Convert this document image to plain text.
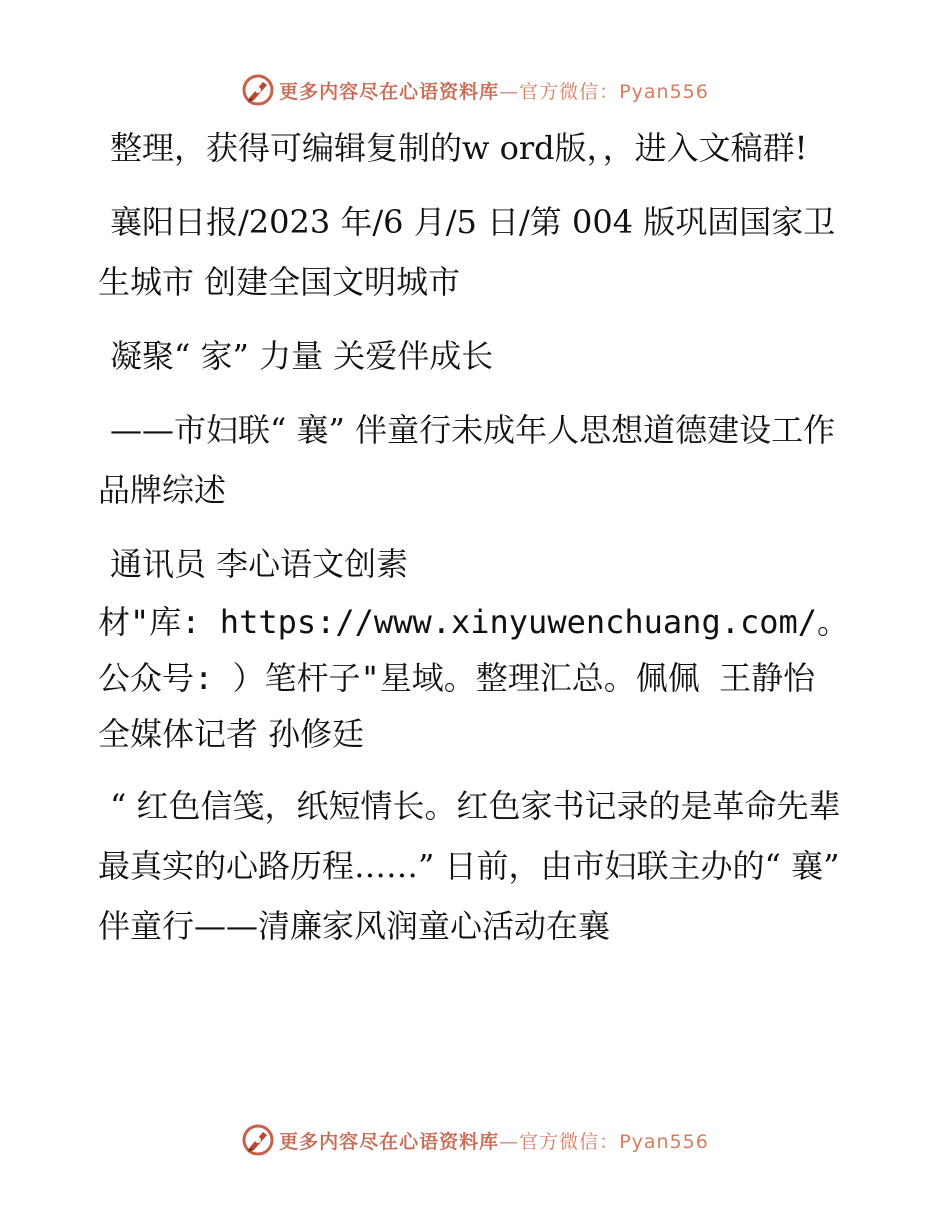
更多内容尽在心语资料库—官方微信：Pyan556

整理，获得可编辑复制的w ord版，，进入文稿群!

襄阳日报/2023 年/6 月/5 日/第 004 版巩固国家卫生城市 创建全国文明城市

凝聚“ 家” 力量 关爱伴成长

——市妇联“ 襄” 伴童行未成年人思想道德建设工作品牌综述

通讯员 李心语文创素

材"库: https://www.xinyuwenchuang.com/。公众号: ）笔杆子"星域。整理汇总。佩佩 王静怡

全媒体记者 孙修廷

“ 红色信笺，纸短情长。红色家书记录的是革命先辈最真实的心路历程……” 日前，由市妇联主办的“ 襄” 伴童行——清廉家风润童心活动在襄

更多内容尽在心语资料库—官方微信：Pyan556
